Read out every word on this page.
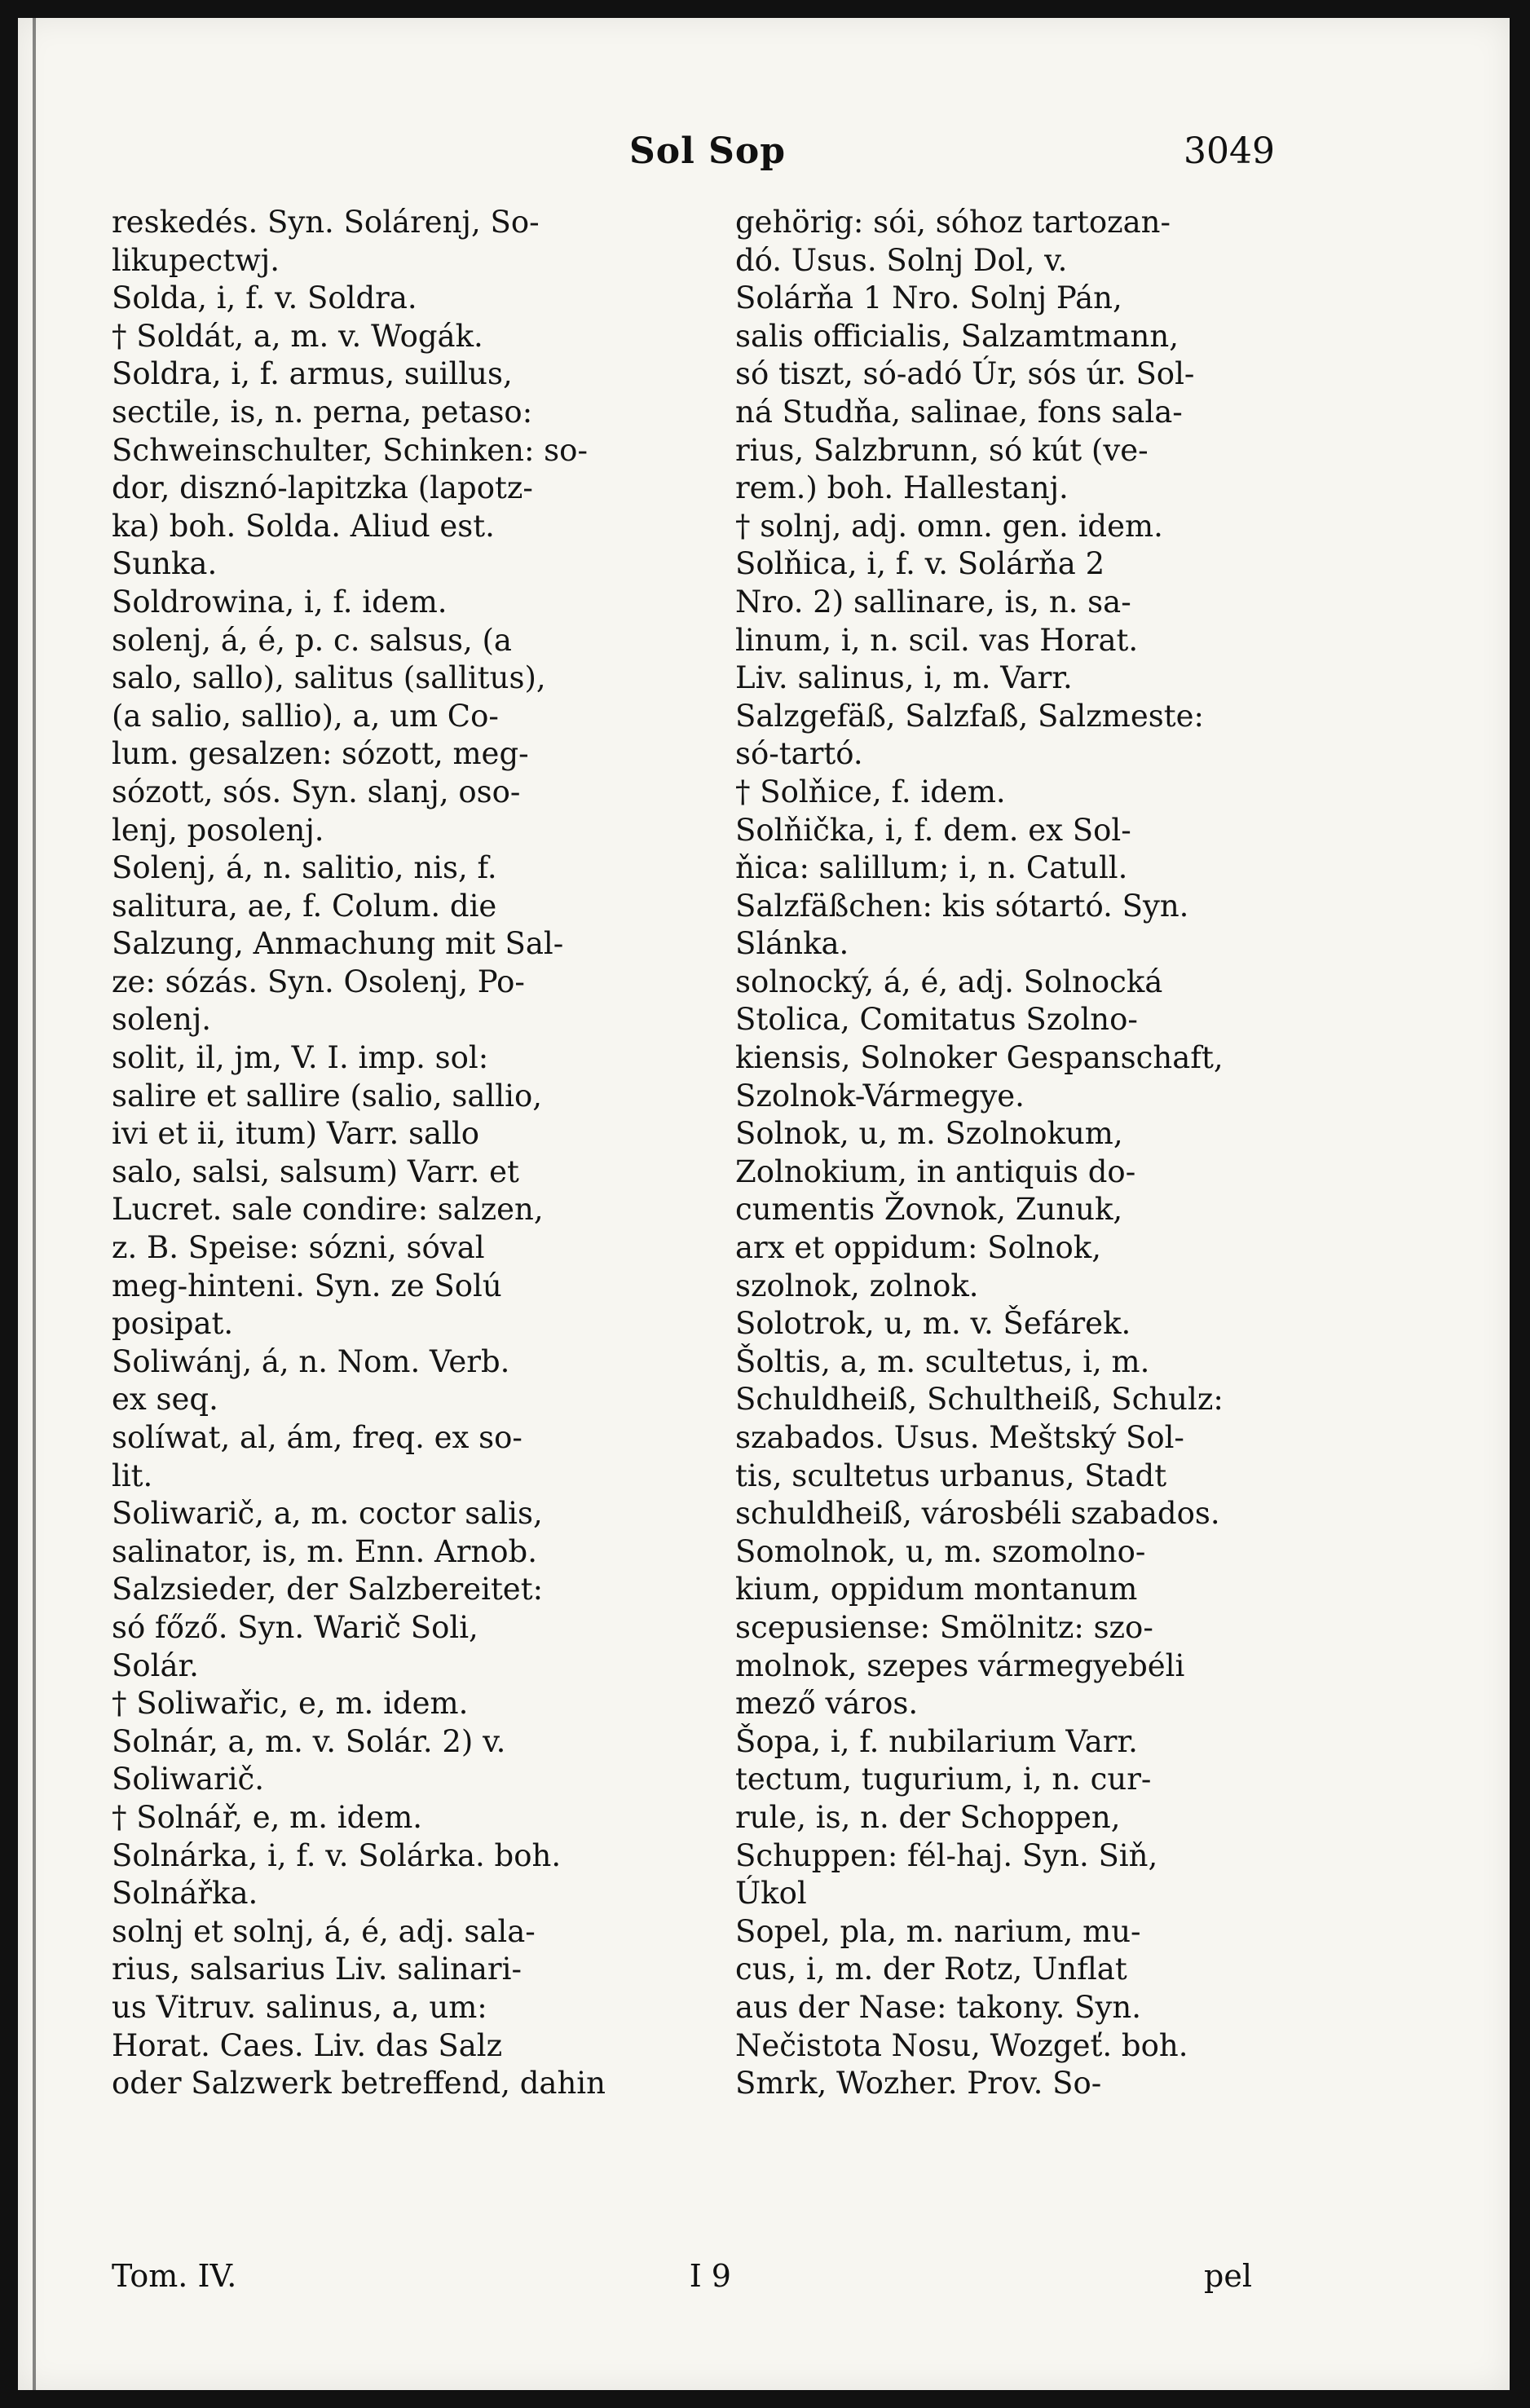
Sol Sop	3049
reskedés. Syn. Solárenj, So-
likupectwj.
Solda, i, f. v. Soldra.
† Soldát, a, m. v. Wogák.
Soldra, i, f. armus, suillus,
sectile, is, n. perna, petaso:
Schweinschulter, Schinken: so-
dor, disznó-lapitzka (lapotz-
ka) boh. Solda. Aliud est.
Sunka.
Soldrowina, i, f. idem.
solenj, á, é, p. c. salsus, (a
salo, sallo), salitus (sallitus),
(a salio, sallio), a, um Co-
lum. gesalzen: sózott, meg-
sózott, sós. Syn. slanj, oso-
lenj, posolenj.
Solenj, á, n. salitio, nis, f.
salitura, ae, f. Colum. die
Salzung, Anmachung mit Sal-
ze: sózás. Syn. Osolenj, Po-
solenj.
solit, il, jm, V. I. imp. sol:
salire et sallire (salio, sallio,
ivi et ii, itum) Varr. sallo
salo, salsi, salsum) Varr. et
Lucret. sale condire: salzen,
z. B. Speise: sózni, sóval
meg-hinteni. Syn. ze Solú
posipat.
Soliwánj, á, n. Nom. Verb.
ex seq.
solíwat, al, ám, freq. ex so-
lit.
Soliwarič, a, m. coctor salis,
salinator, is, m. Enn. Arnob.
Salzsieder, der Salzbereitet:
só főző. Syn. Warič Soli,
Solár.
† Soliwařic, e, m. idem.
Solnár, a, m. v. Solár. 2) v.
Soliwarič.
† Solnář, e, m. idem.
Solnárka, i, f. v. Solárka. boh.
Solnářka.
solnj et solnj, á, é, adj. sala-
rius, salsarius Liv. salinari-
us Vitruv. salinus, a, um:
Horat. Caes. Liv. das Salz
oder Salzwerk betreffend, dahin
gehörig: sói, sóhoz tartozan-
dó. Usus. Solnj Dol, v.
Solárňa 1 Nro. Solnj Pán,
salis officialis, Salzamtmann,
só tiszt, só-adó Úr, sós úr. Sol-
ná Studňa, salinae, fons sala-
rius, Salzbrunn, só kút (ve-
rem.) boh. Hallestanj.
† solnj, adj. omn. gen. idem.
Solňica, i, f. v. Solárňa 2
Nro. 2) sallinare, is, n. sa-
linum, i, n. scil. vas Horat.
Liv. salinus, i, m. Varr.
Salzgefäß, Salzfaß, Salzmeste:
só-tartó.
† Solňice, f. idem.
Solňička, i, f. dem. ex Sol-
ňica: salillum; i, n. Catull.
Salzfäßchen: kis sótartó. Syn.
Slánka.
solnocký, á, é, adj. Solnocká
Stolica, Comitatus Szolno-
kiensis, Solnoker Gespanschaft,
Szolnok-Vármegye.
Solnok, u, m. Szolnokum,
Zolnokium, in antiquis do-
cumentis Žovnok, Zunuk,
arx et oppidum: Solnok,
szolnok, zolnok.
Solotrok, u, m. v. Šefárek.
Šoltis, a, m. scultetus, i, m.
Schuldheiß, Schultheiß, Schulz:
szabados. Usus. Meštský Sol-
tis, scultetus urbanus, Stadt
schuldheiß, városbéli szabados.
Somolnok, u, m. szomolno-
kium, oppidum montanum
scepusiense: Smölnitz: szo-
molnok, szepes vármegyebéli
mező város.
Šopa, i, f. nubilarium Varr.
tectum, tugurium, i, n. cur-
rule, is, n. der Schoppen,
Schuppen: fél-haj. Syn. Siň,
Úkol
Sopel, pla, m. narium, mu-
cus, i, m. der Rotz, Unflat
aus der Nase: takony. Syn.
Nečistota Nosu, Wozgeť. boh.
Smrk, Wozher. Prov. So-
Tom. IV.	I 9	pel
